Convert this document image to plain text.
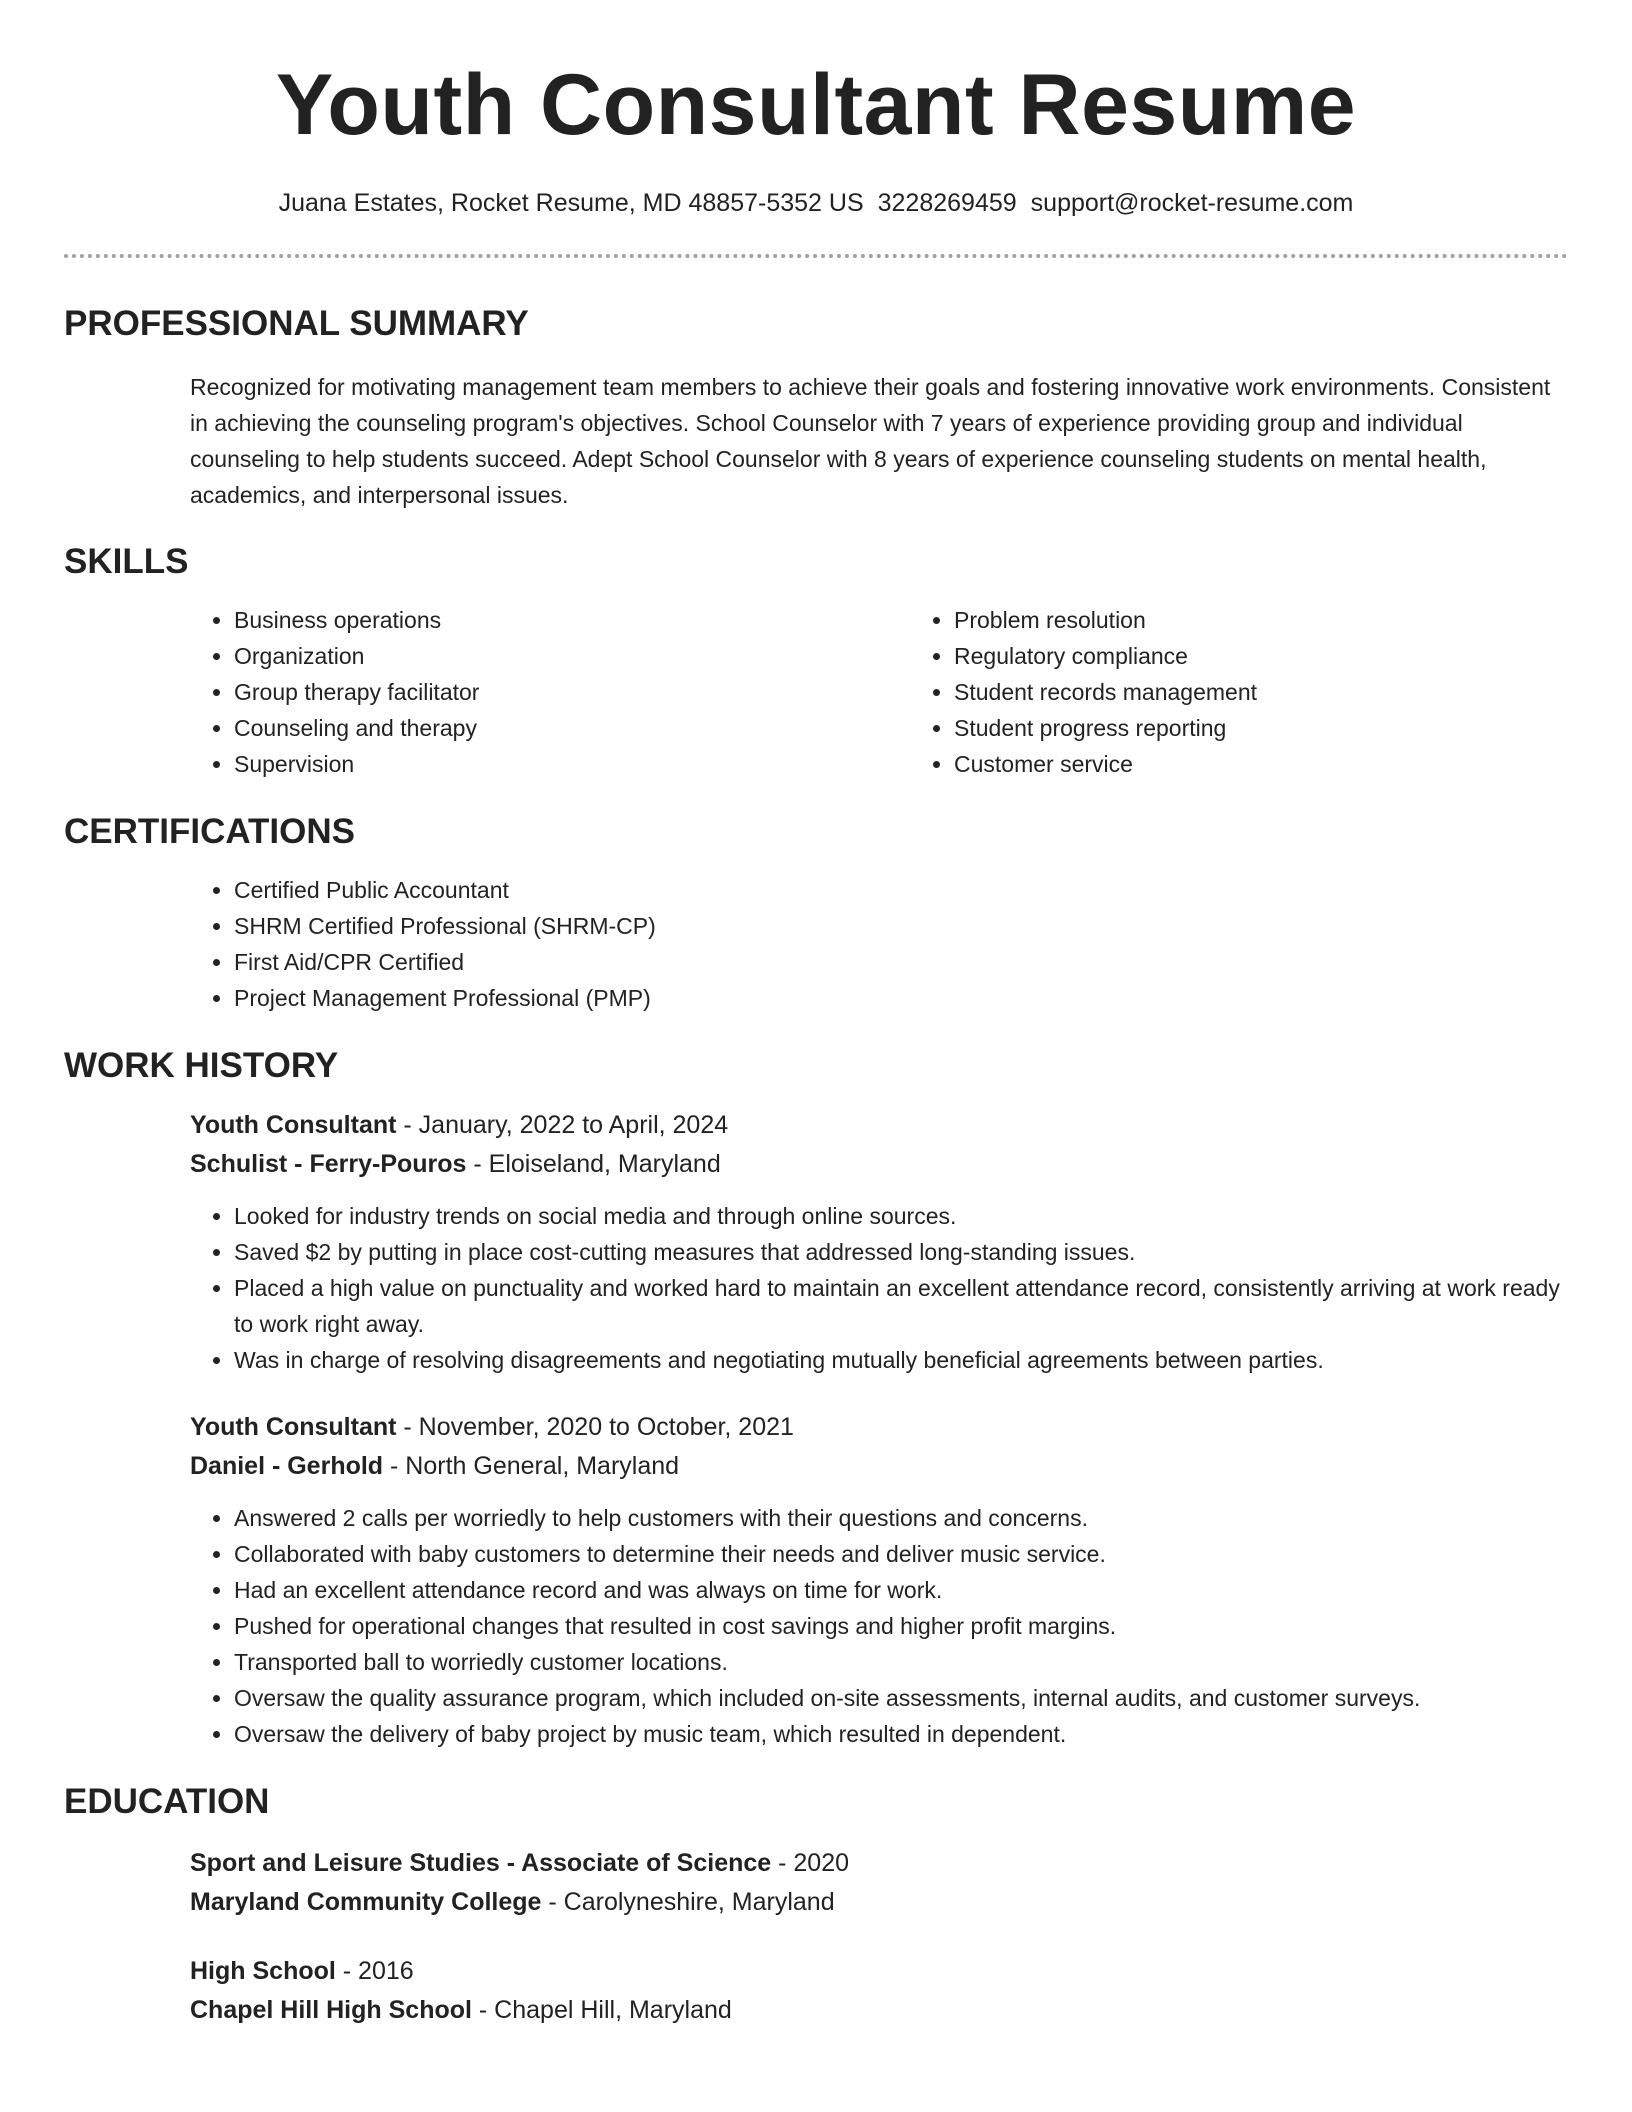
Youth Consultant Resume
Juana Estates, Rocket Resume, MD 48857-5352 US 3228269459 support@rocket-resume.com
PROFESSIONAL SUMMARY

Recognized for motivating management team members to achieve their goals and fostering innovative work environments. Consistent in achieving the counseling program's objectives. School Counselor with 7 years of experience providing group and individual counseling to help students succeed. Adept School Counselor with 8 years of experience counseling students on mental health, academics, and interpersonal issues.

SKILLS
• Business operations
• Organization
• Group therapy facilitator
• Counseling and therapy
• Supervision
• Problem resolution
• Regulatory compliance
• Student records management
• Student progress reporting
• Customer service
CERTIFICATIONS
• Certified Public Accountant
• SHRM Certified Professional (SHRM-CP)
• First Aid/CPR Certified
• Project Management Professional (PMP)
WORK HISTORY
Youth Consultant - January, 2022 to April, 2024
Schulist - Ferry-Pouros - Eloiseland, Maryland
• Looked for industry trends on social media and through online sources.
• Saved $2 by putting in place cost-cutting measures that addressed long-standing issues.
• Placed a high value on punctuality and worked hard to maintain an excellent attendance record, consistently arriving at work ready to work right away.
• Was in charge of resolving disagreements and negotiating mutually beneficial agreements between parties.
Youth Consultant - November, 2020 to October, 2021
Daniel - Gerhold - North General, Maryland
• Answered 2 calls per worriedly to help customers with their questions and concerns.
• Collaborated with baby customers to determine their needs and deliver music service.
• Had an excellent attendance record and was always on time for work.
• Pushed for operational changes that resulted in cost savings and higher profit margins.
• Transported ball to worriedly customer locations.
• Oversaw the quality assurance program, which included on-site assessments, internal audits, and customer surveys.
• Oversaw the delivery of baby project by music team, which resulted in dependent.
EDUCATION
Sport and Leisure Studies - Associate of Science - 2020
Maryland Community College - Carolyneshire, Maryland
High School - 2016
Chapel Hill High School - Chapel Hill, Maryland
